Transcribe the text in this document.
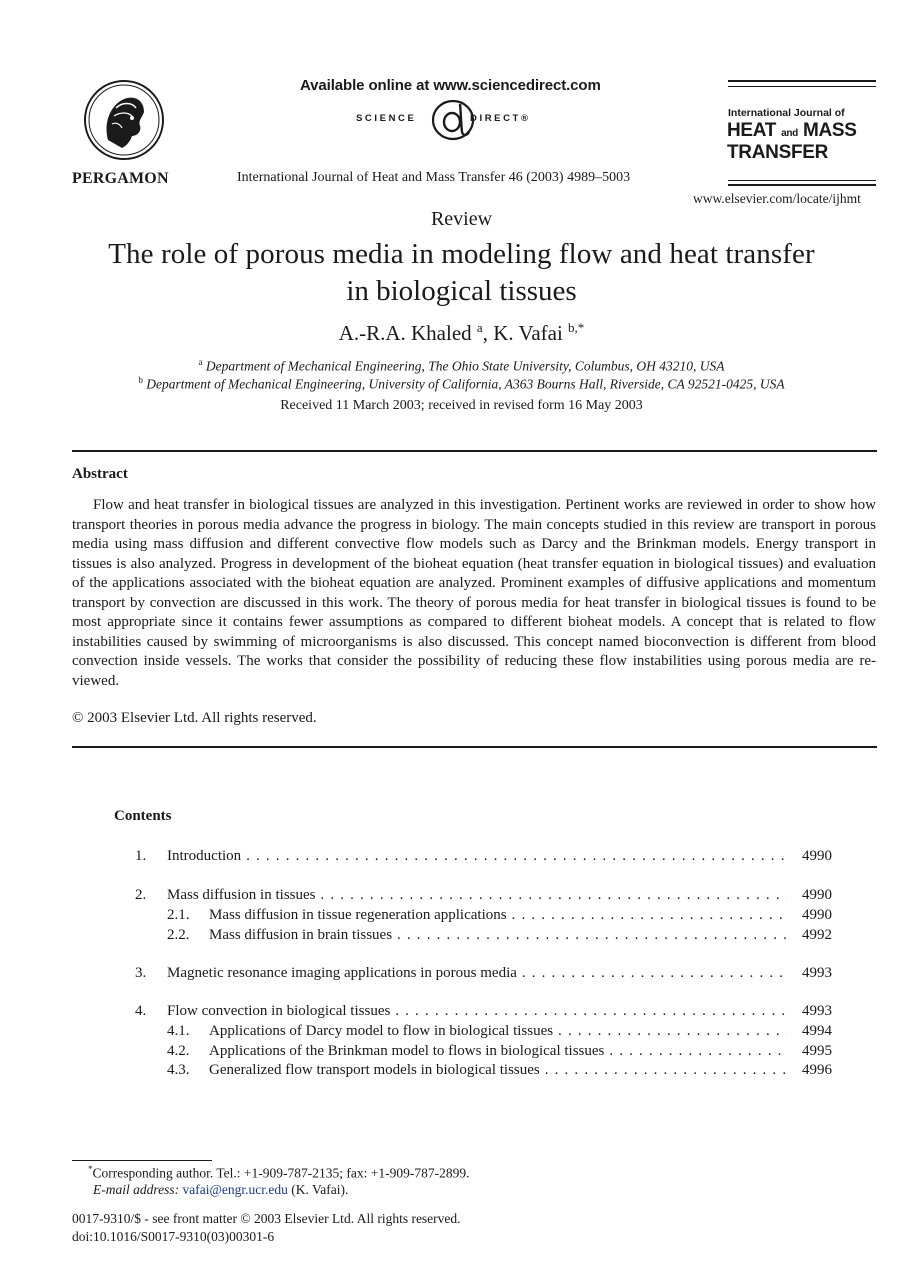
PERGAMON
Available online at www.sciencedirect.com
SCIENCE	DIRECT®
International Journal of Heat and Mass Transfer 46 (2003) 4989–5003
International Journal of
HEAT and MASS
TRANSFER
www.elsevier.com/locate/ijhmt
Review
The role of porous media in modeling flow and heat transfer
in biological tissues
A.-R.A. Khaled $^a$, K. Vafai $^{b,*}$
$^a$ Department of Mechanical Engineering, The Ohio State University, Columbus, OH 43210, USA
$^b$ Department of Mechanical Engineering, University of California, A363 Bourns Hall, Riverside, CA 92521-0425, USA
Received 11 March 2003; received in revised form 16 May 2003
Abstract

Flow and heat transfer in biological tissues are analyzed in this investigation. Pertinent works are reviewed in order to show how transport theories in porous media advance the progress in biology. The main concepts studied in this review are transport in porous media using mass diffusion and different convective flow models such as Darcy and the Brinkman models. Energy transport in tissues is also analyzed. Progress in development of the bioheat equation (heat transfer equation in biological tissues) and evaluation of the applications associated with the bioheat equation are analyzed. Prominent examples of diffusive applications and momentum transport by convection are discussed in this work. The theory of porous media for heat transfer in biological tissues is found to be most appropriate since it contains fewer assumptions as compared to different bioheat models. A concept that is related to flow instabilities caused by swimming of microorganisms is also discussed. This concept named bioconvection is different from blood convection inside vessels. The works that consider the possibility of reducing these flow instabilities using porous media are re-viewed.

© 2003 Elsevier Ltd. All rights reserved.
Contents
1. Introduction . . .	4990
2. Mass diffusion in tissues . . .	4990
2.1. Mass diffusion in tissue regeneration applications . . .	4990
2.2. Mass diffusion in brain tissues . . .	4992
3. Magnetic resonance imaging applications in porous media . . .	4993
4. Flow convection in biological tissues . . .	4993
4.1. Applications of Darcy model to flow in biological tissues . . .	4994
4.2. Applications of the Brinkman model to flows in biological tissues . . .	4995
4.3. Generalized flow transport models in biological tissues . . .	4996
*Corresponding author. Tel.: +1-909-787-2135; fax: +1-909-787-2899.
E-mail address: vafai@engr.ucr.edu (K. Vafai).
0017-9310/$ - see front matter © 2003 Elsevier Ltd. All rights reserved.
doi:10.1016/S0017-9310(03)00301-6
